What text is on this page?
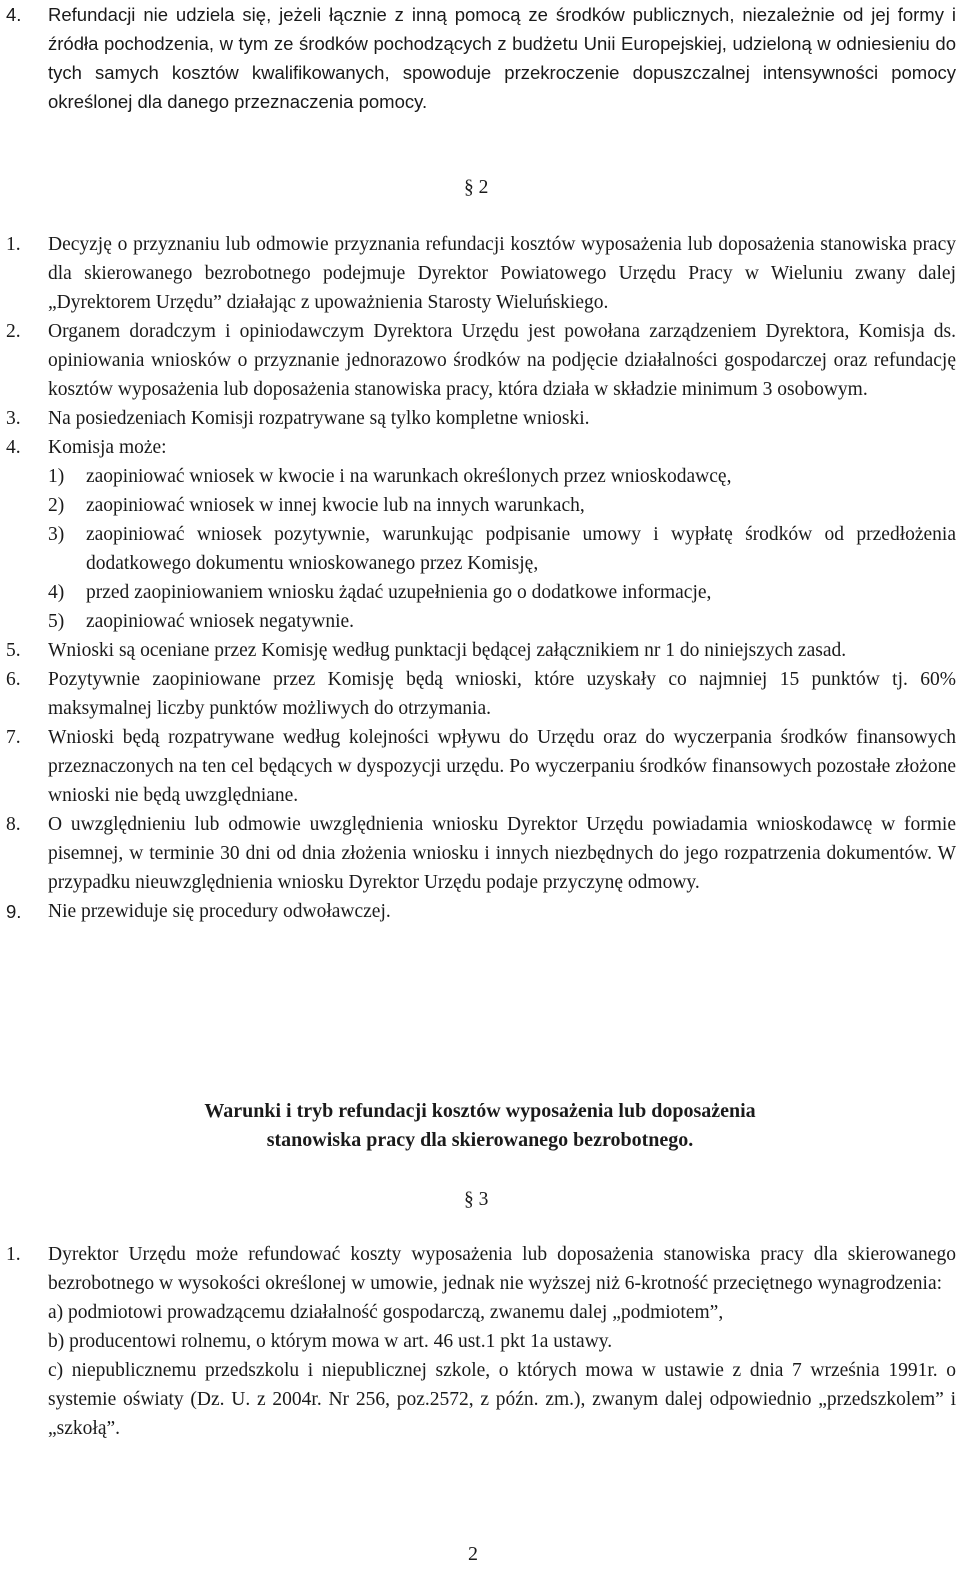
4. Refundacji nie udziela się, jeżeli łącznie z inną pomocą ze środków publicznych, niezależnie od jej formy i źródła pochodzenia, w tym ze środków pochodzących z budżetu Unii Europejskiej, udzieloną w odniesieniu do tych samych kosztów kwalifikowanych, spowoduje przekroczenie dopuszczalnej intensywności pomocy określonej dla danego przeznaczenia pomocy.
§ 2
1. Decyzję o przyznaniu lub odmowie przyznania refundacji kosztów wyposażenia lub doposażenia stanowiska pracy dla skierowanego bezrobotnego podejmuje Dyrektor Powiatowego Urzędu Pracy w Wieluniu zwany dalej „Dyrektorem Urzędu” działając z upoważnienia Starosty Wieluńskiego.
2. Organem doradczym i opiniodawczym Dyrektora Urzędu jest powołana zarządzeniem Dyrektora, Komisja ds. opiniowania wniosków o przyznanie jednorazowo środków na podjęcie działalności gospodarczej oraz refundację kosztów wyposażenia lub doposażenia stanowiska pracy, która działa w składzie minimum 3 osobowym.
3. Na posiedzeniach Komisji rozpatrywane są tylko kompletne wnioski.
4. Komisja może:
1) zaopiniować wniosek w kwocie i na warunkach określonych przez wnioskodawcę,
2) zaopiniować wniosek w innej kwocie lub na innych warunkach,
3) zaopiniować wniosek pozytywnie, warunkując podpisanie umowy i wypłatę środków od przedłożenia dodatkowego dokumentu wnioskowanego przez Komisję,
4) przed zaopiniowaniem wniosku żądać uzupełnienia go o dodatkowe informacje,
5) zaopiniować wniosek negatywnie.
5. Wnioski są oceniane przez Komisję według punktacji będącej załącznikiem nr 1 do niniejszych zasad.
6. Pozytywnie zaopiniowane przez Komisję będą wnioski, które uzyskały co najmniej 15 punktów tj. 60% maksymalnej liczby punktów możliwych do otrzymania.
7. Wnioski będą rozpatrywane według kolejności wpływu do Urzędu oraz do wyczerpania środków finansowych przeznaczonych na ten cel będących w dyspozycji urzędu. Po wyczerpaniu środków finansowych pozostałe złożone wnioski nie będą uwzględniane.
8. O uwzględnieniu lub odmowie uwzględnienia wniosku Dyrektor Urzędu powiadamia wnioskodawcę w formie pisemnej, w terminie 30 dni od dnia złożenia wniosku i innych niezbędnych do jego rozpatrzenia dokumentów. W przypadku nieuwzględnienia wniosku Dyrektor Urzędu podaje przyczynę odmowy.
9. Nie przewiduje się procedury odwoławczej.
Warunki i tryb refundacji kosztów wyposażenia lub doposażenia
stanowiska pracy dla skierowanego bezrobotnego.
§ 3
1. Dyrektor Urzędu może refundować koszty wyposażenia lub doposażenia stanowiska pracy dla skierowanego bezrobotnego w wysokości określonej w umowie, jednak nie wyższej niż 6-krotność przeciętnego wynagrodzenia:
a) podmiotowi prowadzącemu działalność gospodarczą, zwanemu dalej „podmiotem”,
b) producentowi rolnemu, o którym mowa w art. 46 ust.1 pkt 1a ustawy.
c) niepublicznemu przedszkolu i niepublicznej szkole, o których mowa w ustawie z dnia 7 września 1991r. o systemie oświaty (Dz. U. z 2004r. Nr 256, poz.2572, z późn. zm.), zwanym dalej odpowiednio „przedszkolem” i „szkołą”.
2
